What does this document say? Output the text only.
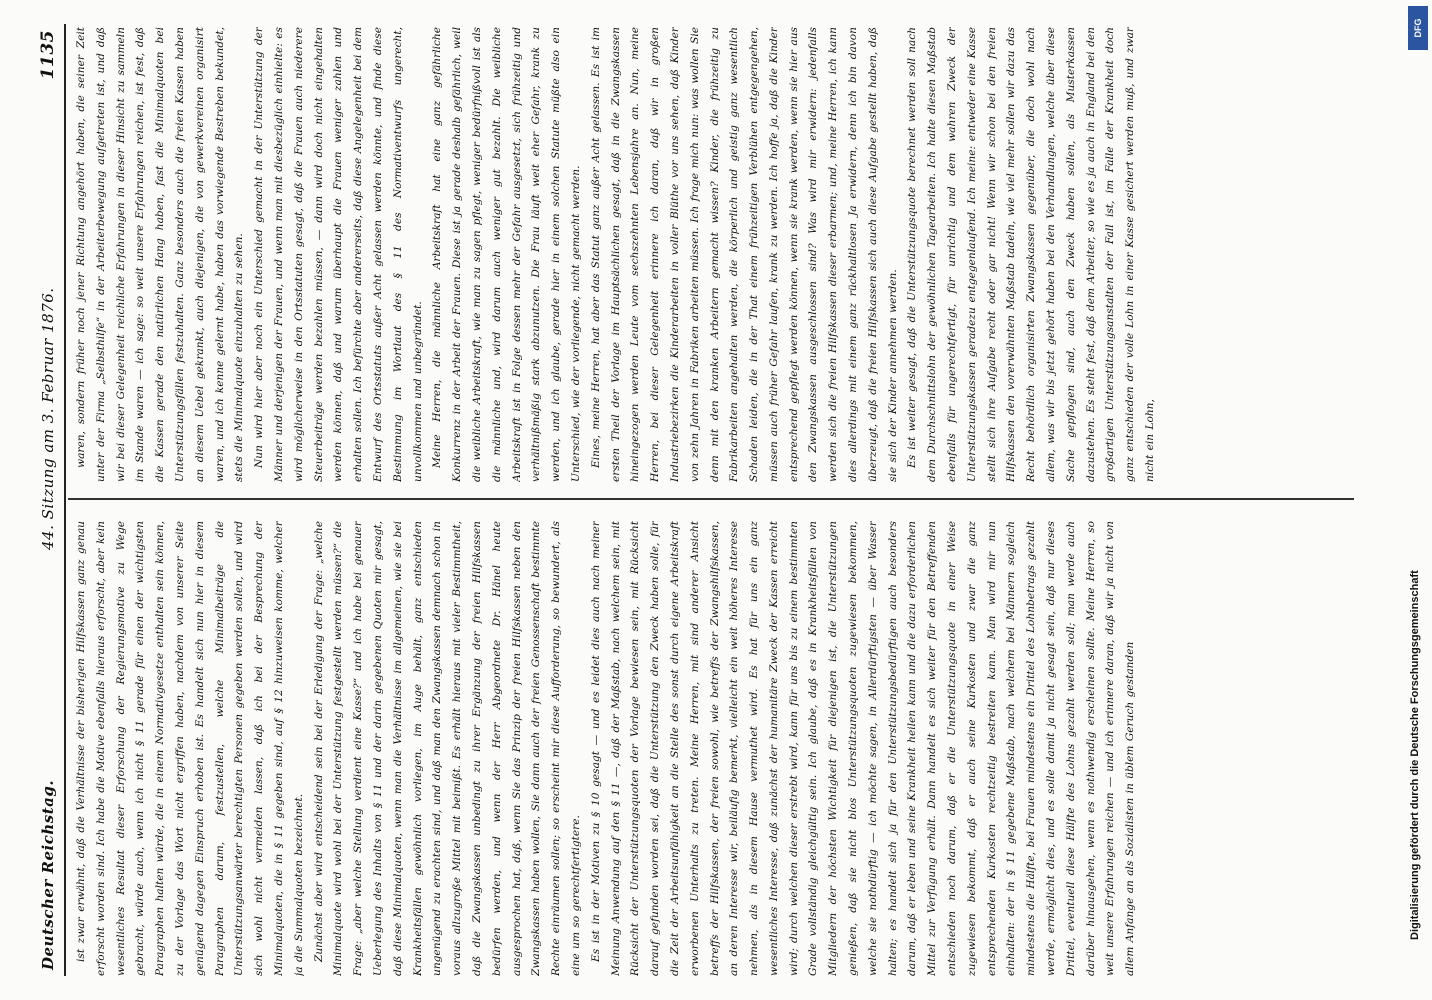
Deutscher Reichstag.
44. Sitzung am 3. Februar 1876.
1135

ist zwar erwähnt, daß die Verhältnisse der bisherigen Hilfskassen ganz genau erforscht worden sind. Ich habe die Motive ebenfalls hieraus erforscht, aber kein wesentliches Resultat dieser Erforschung der Regierungsmotive zu Wege gebracht, würde auch, wenn ich nicht § 11 gerade für einen der wichtigsten Paragraphen halten würde, die in einem Normativgesetze enthalten sein können, zu der Vorlage das Wort nicht ergriffen haben, nachdem von unserer Seite genügend dagegen Einspruch erhoben ist. Es handelt sich nun hier in diesem Paragraphen darum, festzustellen, welche Minimalbeiträge die Unterstützungsanwärter berechtigten Personen gegeben werden sollen, und wird sich wohl nicht vermeiden lassen, daß ich bei der Besprechung der Minimalquoten, die in § 11 gegeben sind, auf § 12 hinzuweisen komme, welcher ja die Summalquoten bezeichnet. Zunächst aber wird entscheidend sein bei der Erledigung der Frage: „welche Minimalquote wird wohl bei der Unterstützung festgestellt werden müssen?“ die Frage: „aber welche Stellung verdient eine Kasse?“ und ich habe bei genauer Ueberlegung des Inhalts von § 11 und der darin gegebenen Quoten mir gesagt, daß diese Minimalquoten, wenn man die Verhältnisse im allgemeinen, wie sie bei Krankheitsfällen gewöhnlich vorliegen, im Auge behält, ganz entschieden ungenügend zu erachten sind, und daß man den Zwangskassen demnach schon in voraus allzugroße Mittel mit beimißt. Es erhält hieraus mit vieler Bestimmtheit, daß die Zwangskassen unbedingt zu ihrer Ergänzung der freien Hilfskassen bedürfen werden, und wenn der Herr Abgeordnete Dr. Hänel heute ausgesprochen hat, daß, wenn Sie das Prinzip der freien Hilfskassen neben den Zwangskassen haben wollen, Sie dann auch der freien Genossenschaft bestimmte Rechte einräumen sollen; so erscheint mir diese Aufforderung, so bewundert, als eine um so gerechtfertigtere. Es ist in der Motiven zu § 10 gesagt — und es leidet dies auch nach meiner Meinung Anwendung auf den § 11 —, daß der Maßstab, nach welchem sein, mit Rücksicht der Unterstützungsquoten der Vorlage bewiesen sein, mit Rücksicht darauf gefunden worden sei, daß die Unterstützung den Zweck haben solle, für die Zeit der Arbeitsunfähigkeit an die Stelle des sonst durch eigene Arbeitskraft erworbenen Unterhalts zu treten. Meine Herren, mit sind anderer Ansicht betreffs der Hilfskassen, der freien sowohl, wie betreffs der Zwangshilfskassen, an deren Interesse wir, beiläufig bemerkt, vielleicht ein weit höheres Interesse nehmen, als in diesem Hause vermuthet wird. Es hat für uns ein ganz wesentliches Interesse, daß zunächst der humanitäre Zweck der Kassen erreicht wird; durch welchen dieser erstrebt wird, kann für uns bis zu einem bestimmten Grade vollständig gleichgültig sein. Ich glaube, daß es in Krankheitsfällen von Mitgliedern der höchsten Wichtigkeit für diejenigen ist, die Unterstützungen genießen, daß sie nicht blos Unterstützungsquoten zugewiesen bekommen, welche sie nothdürftig — ich möchte sagen, in Allerdürftigsten — über Wasser halten; es handelt sich ja für den Unterstützungsbedürftigen auch besonders darum, daß er leben und seine Krankheit heilen kann und die dazu erforderlichen Mittel zur Verfügung erhält. Dann handelt es sich weiter für den Betreffenden entschieden noch darum, daß er die Unterstützungsquote in einer Weise zugewiesen bekommt, daß er auch seine Kurkosten und zwar die ganz entsprechenden Kurkosten rechtzeitig bestreiten kann. Man wird mir nun einhalten: der in § 11 gegebene Maßstab, nach welchem bei Männern sogleich mindestens die Hälfte, bei Frauen mindestens ein Drittel des Lohnbetrags gezahlt werde, ermöglicht dies, und es solle damit ja nicht gesagt sein, daß nur dieses Drittel, eventuell diese Hälfte des Lohns gezahlt werden soll; man werde auch darüber hinausgehen, wenn es nothwendig erscheinen sollte. Meine Herren, so weit unsere Erfahrungen reichen — und ich erinnere daran, daß wir ja nicht von allem Anfange an als Sozialisten in üblem Geruch gestanden

waren, sondern früher noch jener Richtung angehört haben, die seiner Zeit unter der Firma „Selbsthilfe“ in der Arbeiterbewegung aufgetreten ist, und daß wir bei dieser Gelegenheit reichliche Erfahrungen in dieser Hinsicht zu sammeln im Stande waren — ich sage: so weit unsere Erfahrungen reichen, ist fest, daß die Kassen gerade den natürlichen Hang haben, fast die Minimalquoten bei Unterstützungsfällen festzuhalten. Ganz besonders auch die freien Kassen haben an diesem Uebel gekrankt, auch diejenigen, die von gewerkvereinen organisirt waren, und ich kenne gelernt habe, haben das vorwiegende Bestreben bekundet, stets die Minimalquote einzuhalten zu sehen. Nun wird hier aber noch ein Unterschied gemacht in der Unterstützung der Männer und derjenigen der Frauen, und wenn man mit diesbezüglich einhielte: es wird möglicherweise in den Ortsstatuten gesagt, daß die Frauen auch niederere Steuerbeiträge werden bezahlen müssen, — dann wird doch nicht eingehalten werden können, daß und warum überhaupt die Frauen weniger zahlen und erhalten sollen. Ich befürchte aber andererseits, daß diese Angelegenheit bei dem Entwurf des Ortsstatuts außer Acht gelassen werden könnte, und finde diese Bestimmung im Wortlaut des § 11 des Normativentwurfs ungerecht, unvollkommen und unbegründet. Meine Herren, die männliche Arbeitskraft hat eine ganz gefährliche Konkurrenz in der Arbeit der Frauen. Diese ist ja gerade deshalb gefährlich, weil die weibliche Arbeitskraft, wie man zu sagen pflegt, weniger bedürfnißvoll ist als die männliche und, wird darum auch weniger gut bezahlt. Die weibliche Arbeitskraft ist in Folge dessen mehr der Gefahr ausgesetzt, sich frühzeitig und verhältnißmäßig stark abzunutzen. Die Frau läuft weit eher Gefahr, krank zu werden, und ich glaube, gerade hier in einem solchen Statute müßte also ein Unterschied, wie der vorliegende, nicht gemacht werden. Eines, meine Herren, hat aber das Statut ganz außer Acht gelassen. Es ist im ersten Theil der Vorlage im Hauptsächlichen gesagt, daß in die Zwangskassen hineingezogen werden Leute vom sechszehnten Lebensjahre an. Nun, meine Herren, bei dieser Gelegenheit erinnere ich daran, daß wir in großen Industriebezirken die Kinderarbeiten in voller Blüthe vor uns sehen, daß Kinder von zehn Jahren in Fabriken arbeiten müssen. Ich frage mich nun: was wollen Sie denn mit den kranken Arbeitern gemacht wissen? Kinder, die frühzeitig zu Fabrikarbeiten angehalten werden, die körperlich und geistig ganz wesentlich Schaden leiden, die in der That einem frühzeitigen Verblühen entgegengehen, müssen auch früher Gefahr laufen, krank zu werden. Ich hoffe ja, daß die Kinder entsprechend gepflegt werden können, wenn sie krank werden, wenn sie hier aus den Zwangskassen ausgeschlossen sind? Was wird mir erwidern: jedenfalls werden sich die freien Hilfskassen dieser erbarmen; und, meine Herren, ich kann dies allerdings mit einem ganz rückhaltlosen Ja erwidern, denn ich bin davon überzeugt, daß die freien Hilfskassen sich auch diese Aufgabe gestellt haben, daß sie sich der Kinder annehmen werden. Es ist weiter gesagt, daß die Unterstützungsquote berechnet werden soll nach dem Durchschnittslohn der gewöhnlichen Tagearbeiten. Ich halte diesen Maßstab ebenfalls für ungerechtfertigt, für unrichtig und dem wahren Zweck der Unterstützungskassen geradezu entgegenlaufend. Ich meine: entweder eine Kasse stellt sich ihre Aufgabe recht oder gar nicht! Wenn wir schon bei den freien Hilfskassen den vorerwähnten Maßstab tadeln, wie viel mehr sollen wir dazu das Recht behördlich organisirten Zwangskassen gegenüber, die doch wohl nach allem, was wir bis jetzt gehört haben bei den Verhandlungen, welche über diese Sache gepflogen sind, auch den Zweck haben sollen, als Musterkassen dazustehen. Es steht fest, daß dem Arbeiter, so wie es ja auch in England bei den großartigen Unterstützungsanstalten der Fall ist, im Falle der Krankheit doch ganz entschieden der volle Lohn in einer Kasse gesichert werden muß, und zwar nicht ein Lohn,

DFG
Digitalisierung gefördert durch die Deutsche Forschungsgemeinschaft
